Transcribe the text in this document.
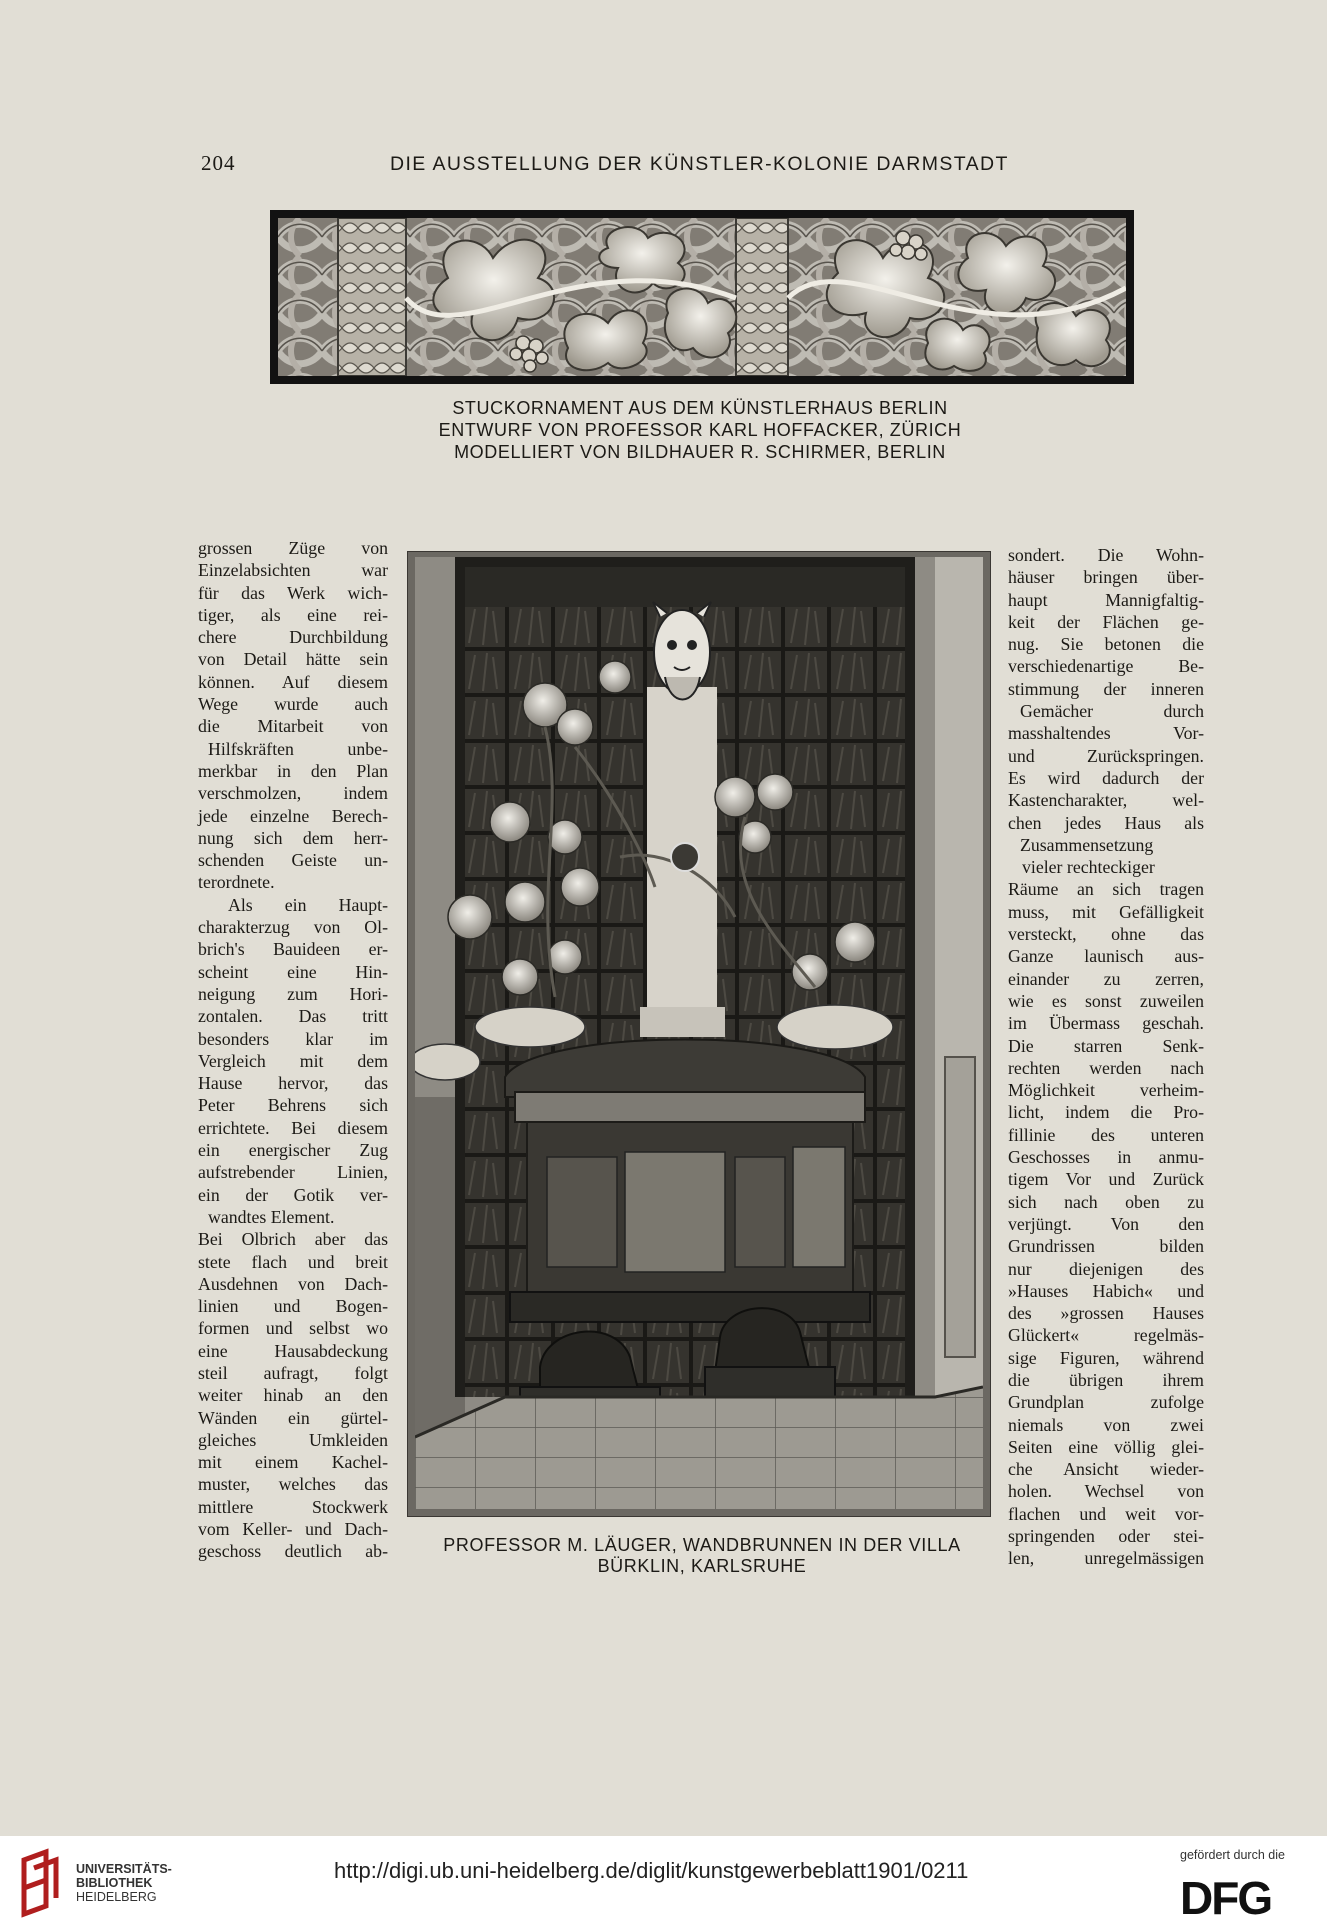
204	DIE AUSSTELLUNG DER KÜNSTLER-KOLONIE DARMSTADT
STUCKORNAMENT AUS DEM KÜNSTLERHAUS BERLIN
ENTWURF VON PROFESSOR KARL HOFFACKER, ZÜRICH
MODELLIERT VON BILDHAUER R. SCHIRMER, BERLIN
grossen Züge von
Einzelabsichten war
für das Werk wich-
tiger, als eine rei-
chere Durchbildung
von Detail hätte sein
können. Auf diesem
Wege wurde auch
die Mitarbeit von
Hilfskräften unbe-
merkbar in den Plan
verschmolzen, indem
jede einzelne Berech-
nung sich dem herr-
schenden Geiste un-
terordnete.
Als ein Haupt-
charakterzug von Ol-
brich's Bauideen er-
scheint eine Hin-
neigung zum Hori-
zontalen. Das tritt
besonders klar im
Vergleich mit dem
Hause hervor, das
Peter Behrens sich
errichtete. Bei diesem
ein energischer Zug
aufstrebender Linien,
ein der Gotik ver-
wandtes Element.
Bei Olbrich aber das
stete flach und breit
Ausdehnen von Dach-
linien und Bogen-
formen und selbst wo
eine Hausabdeckung
steil aufragt, folgt
weiter hinab an den
Wänden ein gürtel-
gleiches Umkleiden
mit einem Kachel-
muster, welches das
mittlere Stockwerk
vom Keller- und Dach-
geschoss deutlich ab-	PROFESSOR M. LÄUGER, WANDBRUNNEN IN DER VILLA
BÜRKLIN, KARLSRUHE
sondert. Die Wohn-
häuser bringen über-
haupt Mannigfaltig-
keit der Flächen ge-
nug. Sie betonen die
verschiedenartige Be-
stimmung der inneren
Gemächer durch
masshaltendes Vor-
und Zurückspringen.
Es wird dadurch der
Kastencharakter, wel-
chen jedes Haus als
Zusammensetzung
vieler rechteckiger
Räume an sich tragen
muss, mit Gefälligkeit
versteckt, ohne das
Ganze launisch aus-
einander zu zerren,
wie es sonst zuweilen
im Übermass geschah.
Die starren Senk-
rechten werden nach
Möglichkeit verheim-
licht, indem die Pro-
fillinie des unteren
Geschosses in anmu-
tigem Vor und Zurück
sich nach oben zu
verjüngt. Von den
Grundrissen bilden
nur diejenigen des
»Hauses Habich« und
des »grossen Hauses
Glückert« regelmäs-
sige Figuren, während
die übrigen ihrem
Grundplan zufolge
niemals von zwei
Seiten eine völlig glei-
che Ansicht wieder-
holen. Wechsel von
flachen und weit vor-
springenden oder stei-
len, unregelmässigen
UNIVERSITÄTS-
BIBLIOTHEK
HEIDELBERG
http://digi.ub.uni-heidelberg.de/diglit/kunstgewerbeblatt1901/0211
gefördert durch die
DFG
